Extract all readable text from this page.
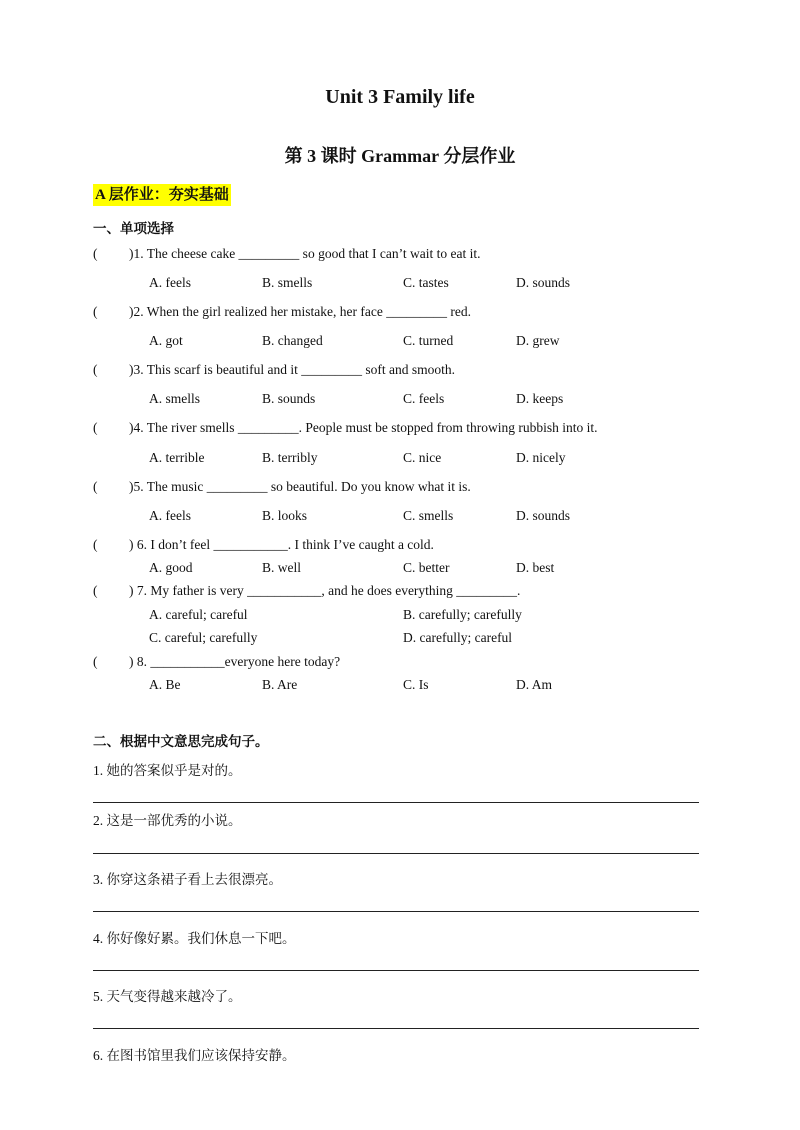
Unit 3 Family life
第 3 课时 Grammar 分层作业
A 层作业：夯实基础
一、单项选择
( )1. The cheese cake _________ so good that I can’t wait to eat it.
A. feels	B. smells	C. tastes	D. sounds
( )2. When the girl realized her mistake, her face _________ red.
A. got	B. changed	C. turned	D. grew
( )3. This scarf is beautiful and it _________ soft and smooth.
A. smells	B. sounds	C. feels	D. keeps
( )4. The river smells _________. People must be stopped from throwing rubbish into it.
A. terrible	B. terribly	C. nice	D. nicely
( )5. The music _________ so beautiful. Do you know what it is.
A. feels	B. looks	C. smells	D. sounds
( ) 6. I don’t feel ___________. I think I’ve caught a cold.
A. good	B. well	C. better	D. best
( ) 7. My father is very ___________, and he does everything _________.
A. careful; careful	B. carefully; carefully
C. careful; carefully	D. carefully; careful
( ) 8. ___________everyone here today?
A. Be	B. Are	C. Is	D. Am
二、根据中文意思完成句子。
1. 她的答案似乎是对的。
2. 这是一部优秀的小说。
3. 你穿这条裙子看上去很漂亮。
4. 你好像好累。我们休息一下吧。
5. 天气变得越来越冷了。
6. 在图书馆里我们应该保持安静。
